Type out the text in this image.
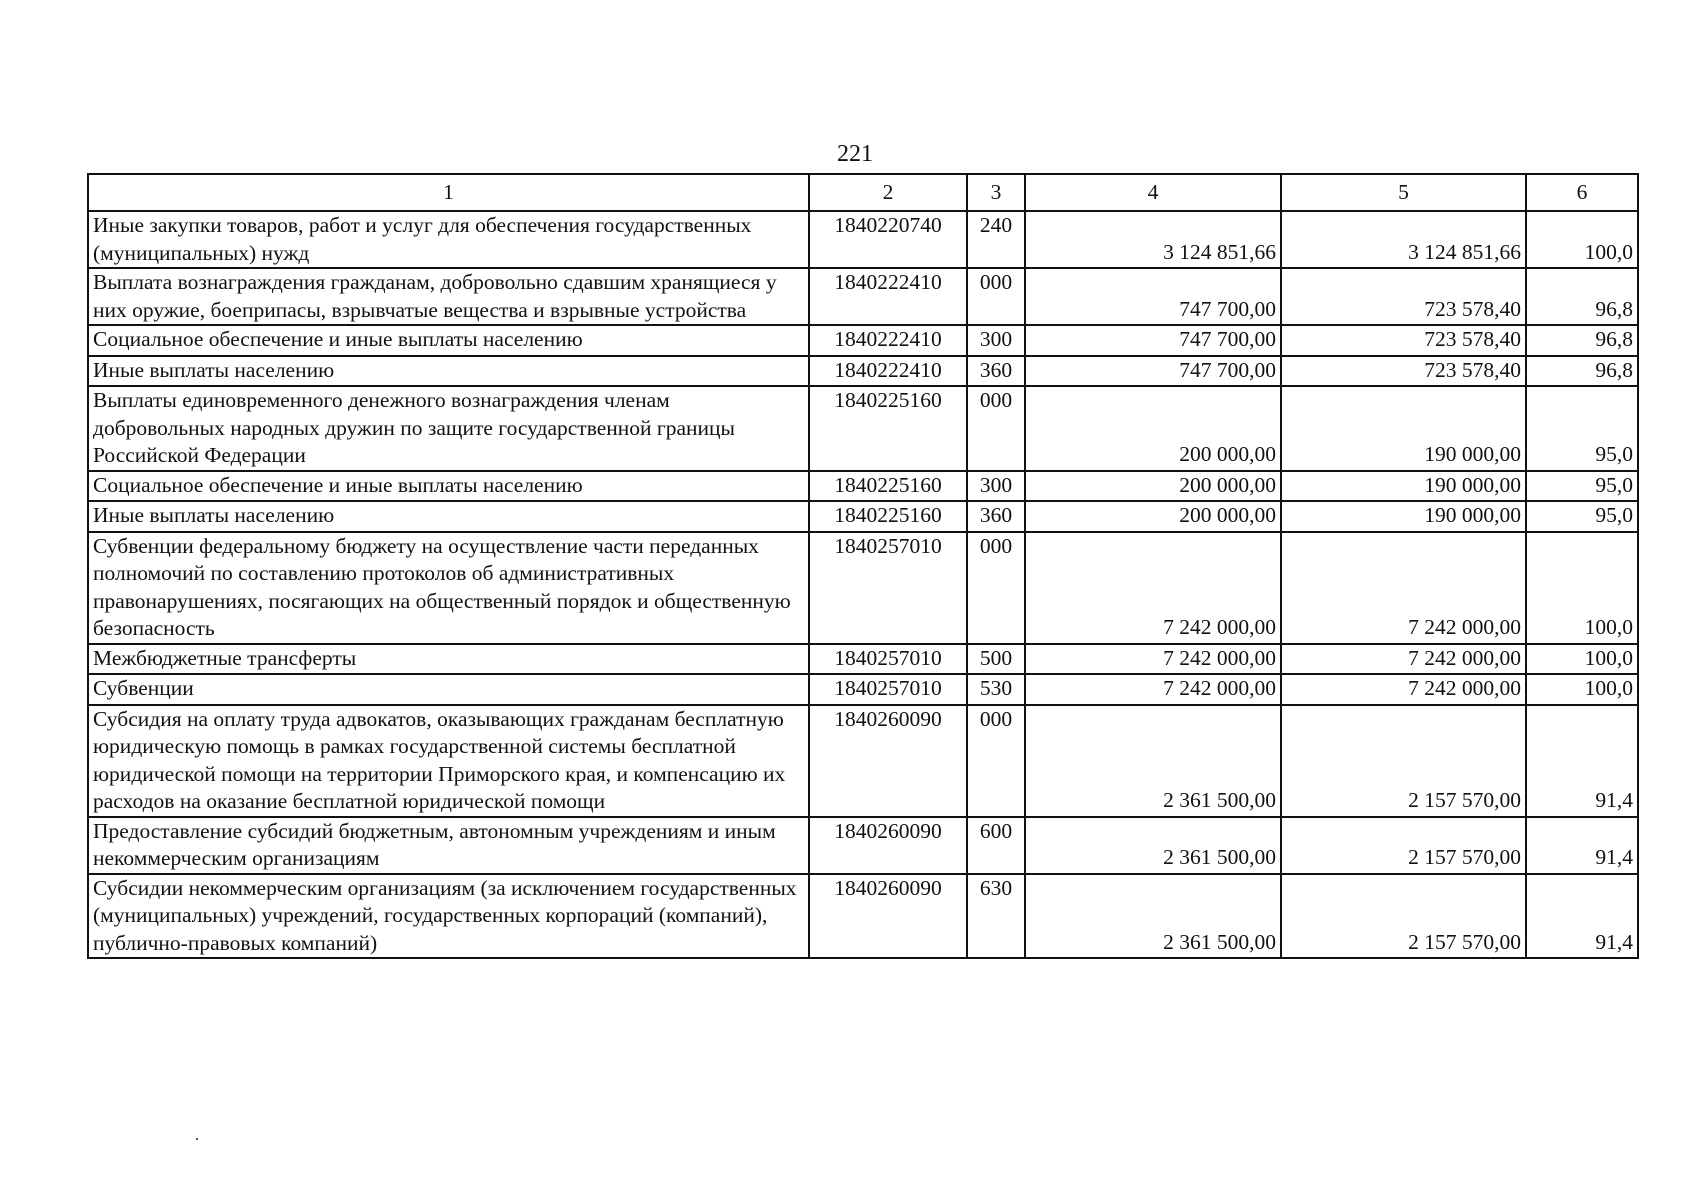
221
1	2	3	4	5	6
Иные закупки товаров, работ и услуг для обеспечения государственных (муниципальных) нужд	1840220740	240	3 124 851,66	3 124 851,66	100,0

Выплата вознаграждения гражданам, добровольно сдавшим хранящиеся у них оружие, боеприпасы, взрывчатые вещества и взрывные устройства	1840222410	000	747 700,00	723 578,40	96,8

Социальное обеспечение и иные выплаты населению	1840222410	300	747 700,00	723 578,40	96,8

Иные выплаты населению	1840222410	360	747 700,00	723 578,40	96,8

Выплаты единовременного денежного вознаграждения членам добровольных народных дружин по защите государственной границы Российской Федерации	1840225160	000	200 000,00	190 000,00	95,0

Социальное обеспечение и иные выплаты населению	1840225160	300	200 000,00	190 000,00	95,0

Иные выплаты населению	1840225160	360	200 000,00	190 000,00	95,0

Субвенции федеральному бюджету на осуществление части переданных полномочий по составлению протоколов об административных правонарушениях, посягающих на общественный порядок и общественную безопасность	1840257010	000	7 242 000,00	7 242 000,00	100,0

Межбюджетные трансферты	1840257010	500	7 242 000,00	7 242 000,00	100,0

Субвенции	1840257010	530	7 242 000,00	7 242 000,00	100,0

Субсидия на оплату труда адвокатов, оказывающих гражданам бесплатную юридическую помощь в рамках государственной системы бесплатной юридической помощи на территории Приморского края, и компенсацию их расходов на оказание бесплатной юридической помощи	1840260090	000	2 361 500,00	2 157 570,00	91,4

Предоставление субсидий бюджетным, автономным учреждениям и иным некоммерческим организациям	1840260090	600	2 361 500,00	2 157 570,00	91,4

Субсидии некоммерческим организациям (за исключением государственных (муниципальных) учреждений, государственных корпораций (компаний), публично-правовых компаний)	1840260090	630	2 361 500,00	2 157 570,00	91,4
